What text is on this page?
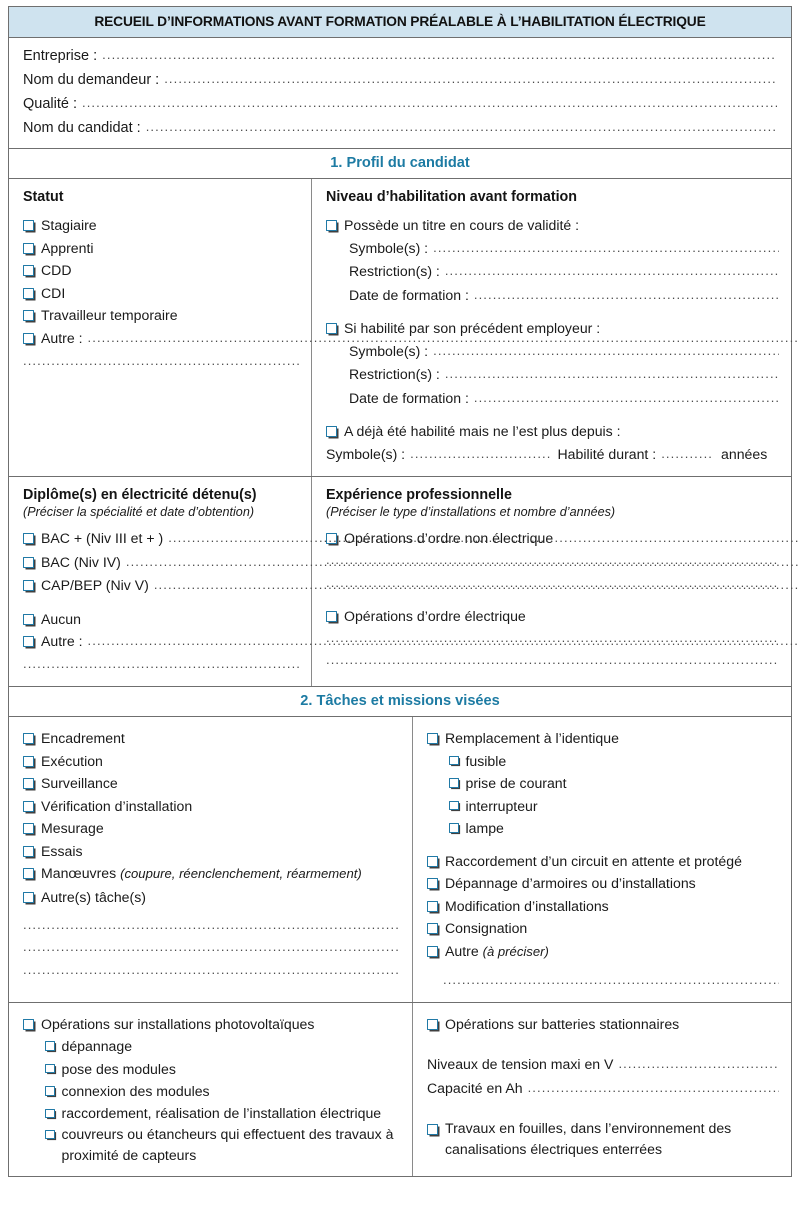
RECUEIL D’INFORMATIONS AVANT FORMATION PRÉALABLE À L’HABILITATION ÉLECTRIQUE
Entreprise :
.....
Nom du demandeur :
.....
Qualité :
.....
Nom du candidat :
.....
1. Profil du candidat
Statut
Stagiaire
Apprenti
CDD
CDI
Travailleur temporaire
Autre :
.....
.....
Niveau d’habilitation avant formation
Possède un titre en cours de validité :
Symbole(s) :
.....
Restriction(s) :
.....
Date de formation :
.....
Si habilité par son précédent employeur :
Symbole(s) :
.....
Restriction(s) :
.....
Date de formation :
.....
A déjà été habilité mais ne l’est plus depuis :
Symbole(s) : .............................. Habilité durant : ........... années
Diplôme(s) en électricité détenu(s)
(Préciser la spécialité et date d’obtention)
BAC + (Niv III et + )
.....
BAC (Niv IV)
.....
CAP/BEP (Niv V)
.....
Aucun
Autre :
.....
.....
Expérience professionnelle
(Préciser le type d’installations et nombre d’années)
Opérations d’ordre non électrique
.....
.....
Opérations d’ordre électrique
.....
.....
2. Tâches et missions visées
Encadrement
Exécution
Surveillance
Vérification d’installation
Mesurage
Essais
Manœuvres (coupure, réenclenchement, réarmement)
Autre(s) tâche(s)
.....
.....
.....
Remplacement à l’identique
fusible
prise de courant
interrupteur
lampe
Raccordement d’un circuit en attente et protégé
Dépannage d’armoires ou d’installations
Modification d’installations
Consignation
Autre (à préciser)
.....
Opérations sur installations photovoltaïques
dépannage
pose des modules
connexion des modules
raccordement, réalisation de l’installation électrique
couvreurs ou étancheurs qui effectuent des travaux à proximité de capteurs
Opérations sur batteries stationnaires
Niveaux de tension maxi en V
.....
Capacité en Ah
.....
Travaux en fouilles, dans l’environnement des canalisations électriques enterrées
